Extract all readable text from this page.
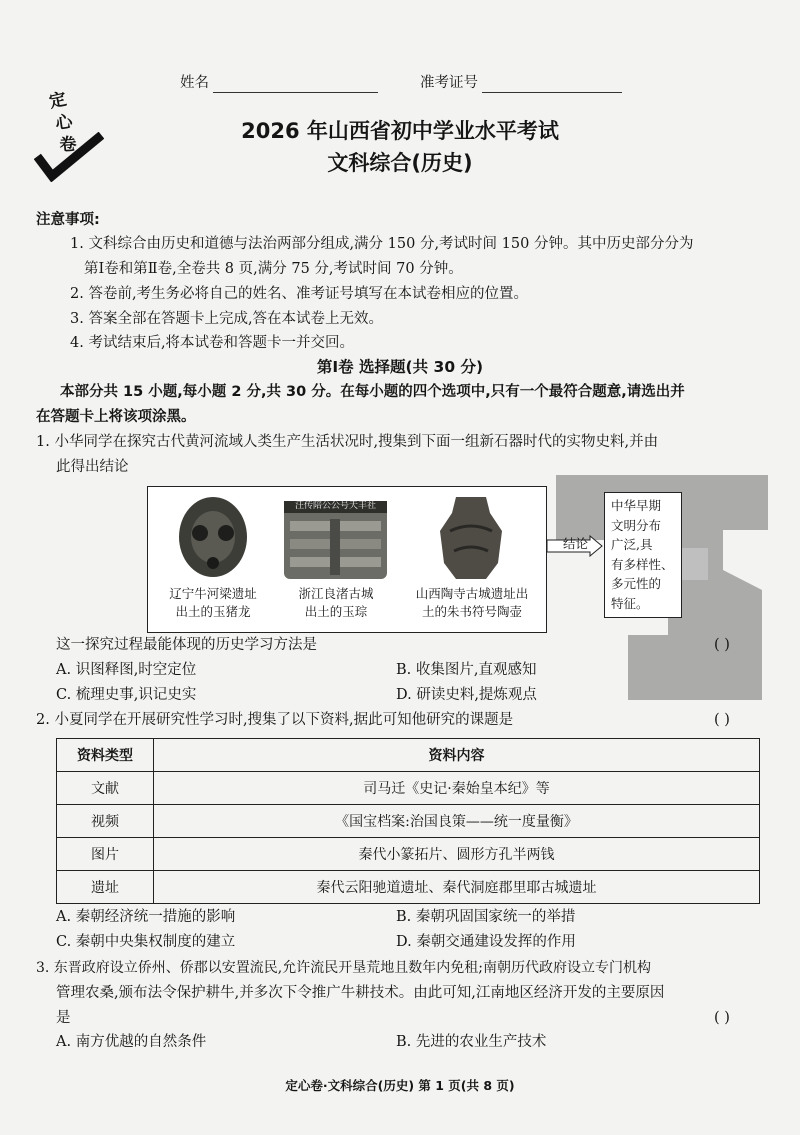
姓名	准考证号
定
心
卷
2026 年山西省初中学业水平考试
文科综合(历史)
注意事项:
1. 文科综合由历史和道德与法治两部分组成,满分 150 分,考试时间 150 分钟。其中历史部分分为
第Ⅰ卷和第Ⅱ卷,全卷共 8 页,满分 75 分,考试时间 70 分钟。
2. 答卷前,考生务必将自己的姓名、准考证号填写在本试卷相应的位置。
3. 答案全部在答题卡上完成,答在本试卷上无效。
4. 考试结束后,将本试卷和答题卡一并交回。
第Ⅰ卷 选择题(共 30 分)
本部分共 15 小题,每小题 2 分,共 30 分。在每小题的四个选项中,只有一个最符合题意,请选出并
在答题卡上将该项涂黑。
1. 小华同学在探究古代黄河流域人类生产生活状况时,搜集到下面一组新石器时代的实物史料,并由
此得出结论
汪传陪公公号天丰社
辽宁牛河梁遗址
出土的玉猪龙
浙江良渚古城
出土的玉琮
山西陶寺古城遗址出
土的朱书符号陶壶
结论
中华早期
文明分布
广泛,具
有多样性、
多元性的
特征。
这一探究过程最能体现的历史学习方法是	( )
A. 识图释图,时空定位	B. 收集图片,直观感知
C. 梳理史事,识记史实	D. 研读史料,提炼观点
2. 小夏同学在开展研究性学习时,搜集了以下资料,据此可知他研究的课题是	( )
资料类型	资料内容
文献	司马迁《史记·秦始皇本纪》等
视频	《国宝档案:治国良策——统一度量衡》
图片	秦代小篆拓片、圆形方孔半两钱
遗址	秦代云阳驰道遗址、秦代洞庭郡里耶古城遗址
A. 秦朝经济统一措施的影响	B. 秦朝巩固国家统一的举措
C. 秦朝中央集权制度的建立	D. 秦朝交通建设发挥的作用
3. 东晋政府设立侨州、侨郡以安置流民,允许流民开垦荒地且数年内免租;南朝历代政府设立专门机构
管理农桑,颁布法令保护耕牛,并多次下令推广牛耕技术。由此可知,江南地区经济开发的主要原因
是	( )
A. 南方优越的自然条件	B. 先进的农业生产技术
定心卷·文科综合(历史) 第 1 页(共 8 页)
